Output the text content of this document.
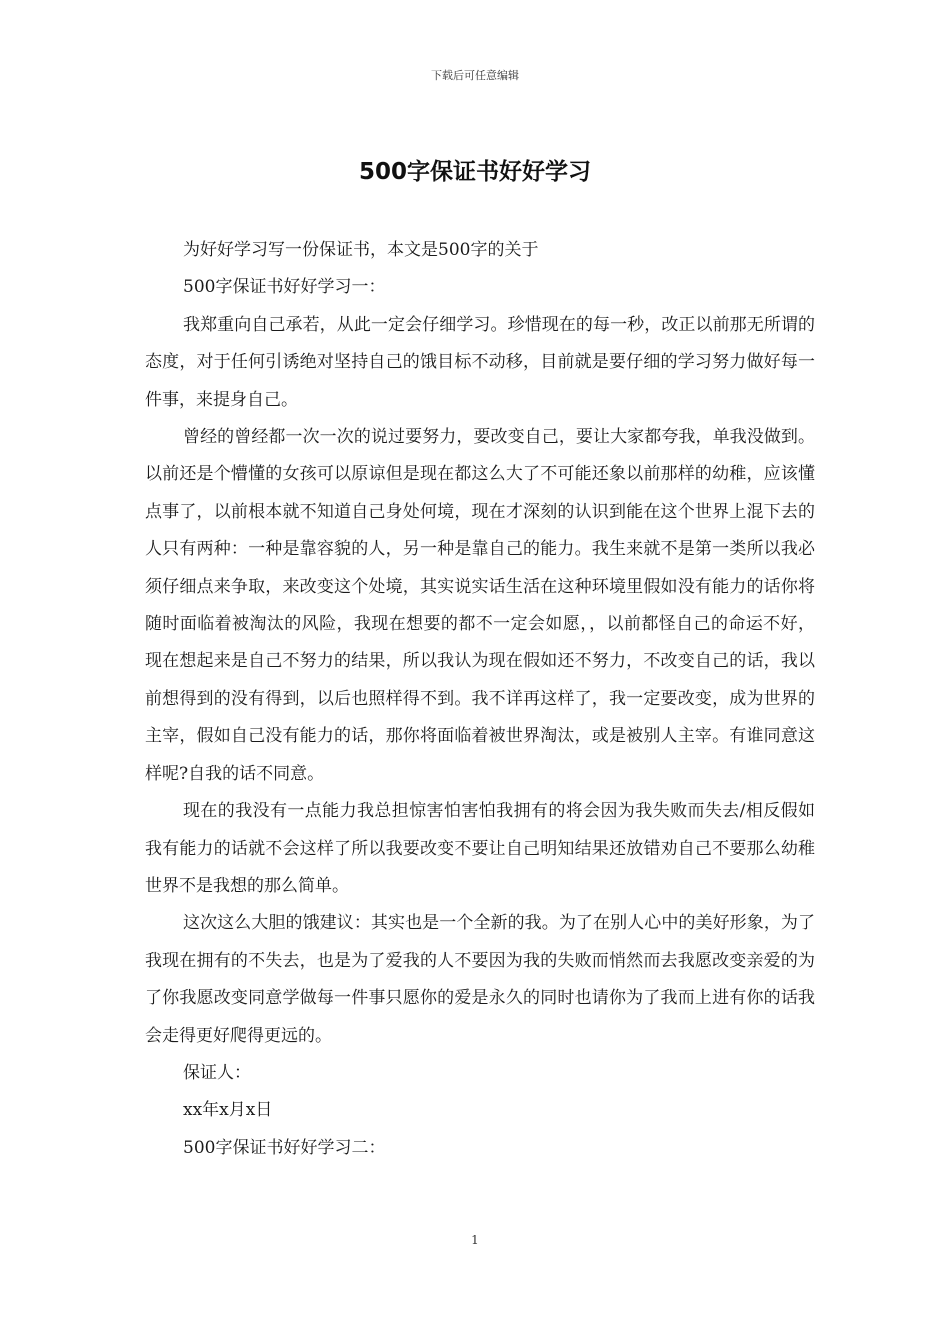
下载后可任意编辑
500字保证书好好学习

为好好学习写一份保证书，本文是500字的关于

500字保证书好好学习一：

我郑重向自己承若，从此一定会仔细学习。珍惜现在的每一秒，改正以前那无所谓的态度，对于任何引诱绝对坚持自己的饿目标不动移，目前就是要仔细的学习努力做好每一件事，来提身自己。

曾经的曾经都一次一次的说过要努力，要改变自己，要让大家都夸我，单我没做到。以前还是个懵懂的女孩可以原谅但是现在都这么大了不可能还象以前那样的幼稚，应该懂点事了，以前根本就不知道自己身处何境，现在才深刻的认识到能在这个世界上混下去的人只有两种：一种是靠容貌的人，另一种是靠自己的能力。我生来就不是第一类所以我必须仔细点来争取，来改变这个处境，其实说实话生活在这种环境里假如没有能力的话你将随时面临着被淘汰的风险，我现在想要的都不一定会如愿，，以前都怪自己的命运不好，现在想起来是自己不努力的结果，所以我认为现在假如还不努力，不改变自己的话，我以前想得到的没有得到，以后也照样得不到。我不详再这样了，我一定要改变，成为世界的主宰，假如自己没有能力的话，那你将面临着被世界淘汰，或是被别人主宰。有谁同意这样呢?自我的话不同意。

现在的我没有一点能力我总担惊害怕害怕我拥有的将会因为我失败而失去/相反假如我有能力的话就不会这样了所以我要改变不要让自己明知结果还放错劝自己不要那么幼稚世界不是我想的那么简单。

这次这么大胆的饿建议：其实也是一个全新的我。为了在别人心中的美好形象，为了我现在拥有的不失去，也是为了爱我的人不要因为我的失败而悄然而去我愿改变亲爱的为了你我愿改变同意学做每一件事只愿你的爱是永久的同时也请你为了我而上进有你的话我会走得更好爬得更远的。

保证人：

xx年x月x日

500字保证书好好学习二：

1
